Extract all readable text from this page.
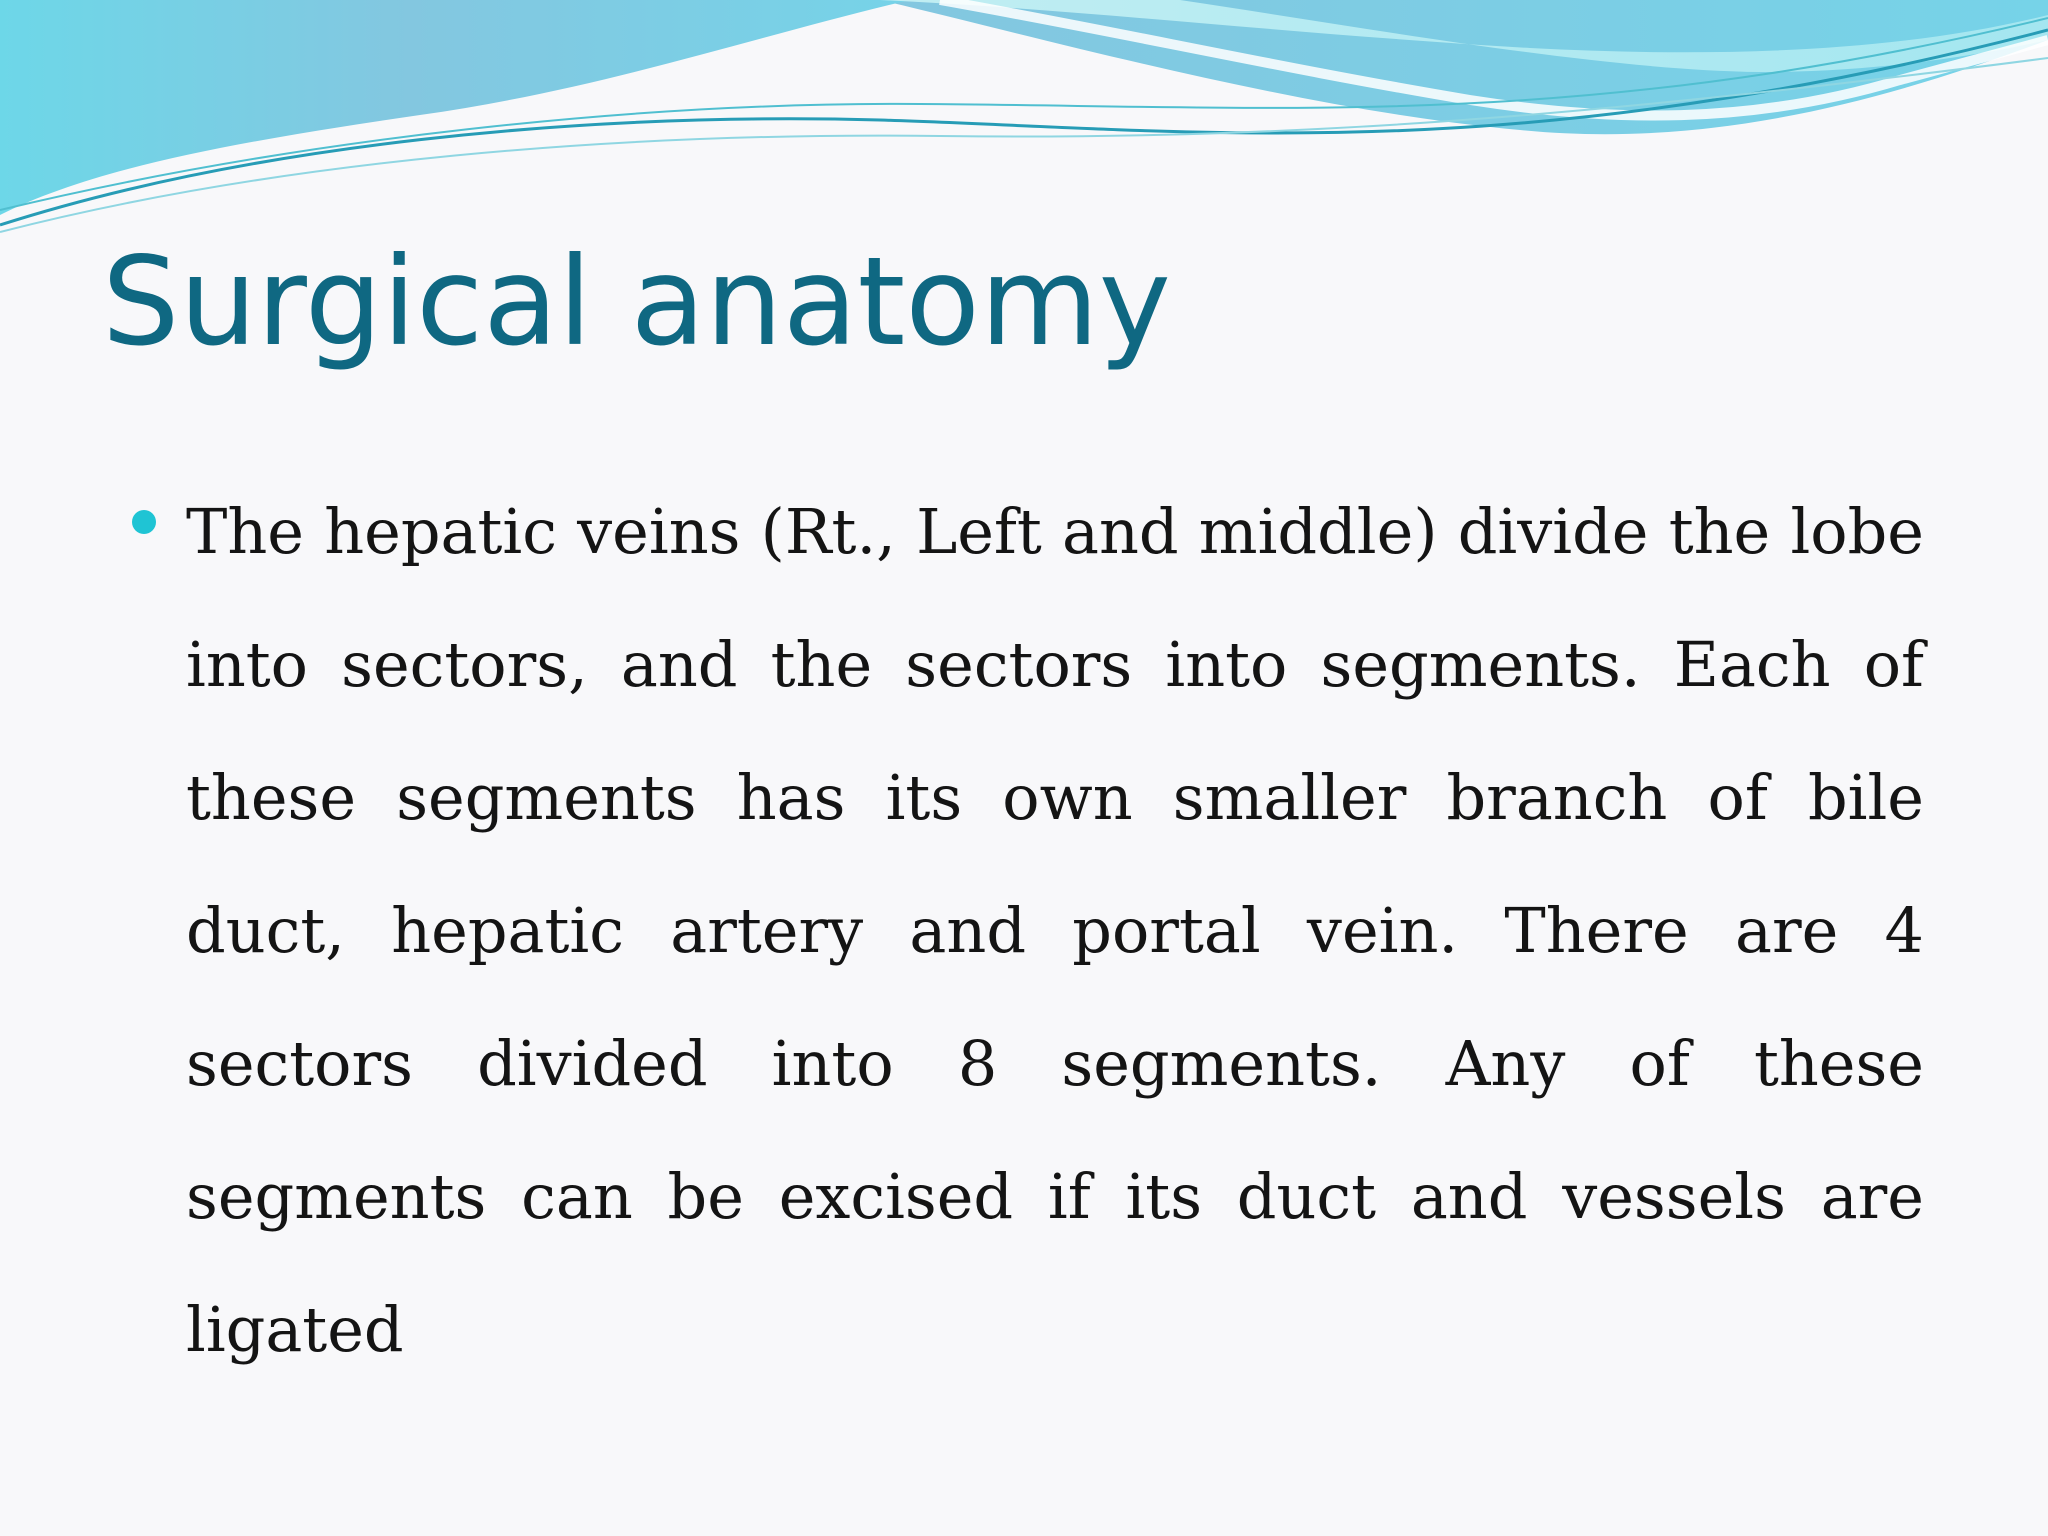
Surgical anatomy

The hepatic veins (Rt., Left and middle) divide the lobe into sectors, and the sectors into segments. Each of these segments has its own smaller branch of bile duct, hepatic artery and portal vein. There are 4 sectors divided into 8 segments. Any of these segments can be excised if its duct and vessels are ligated
